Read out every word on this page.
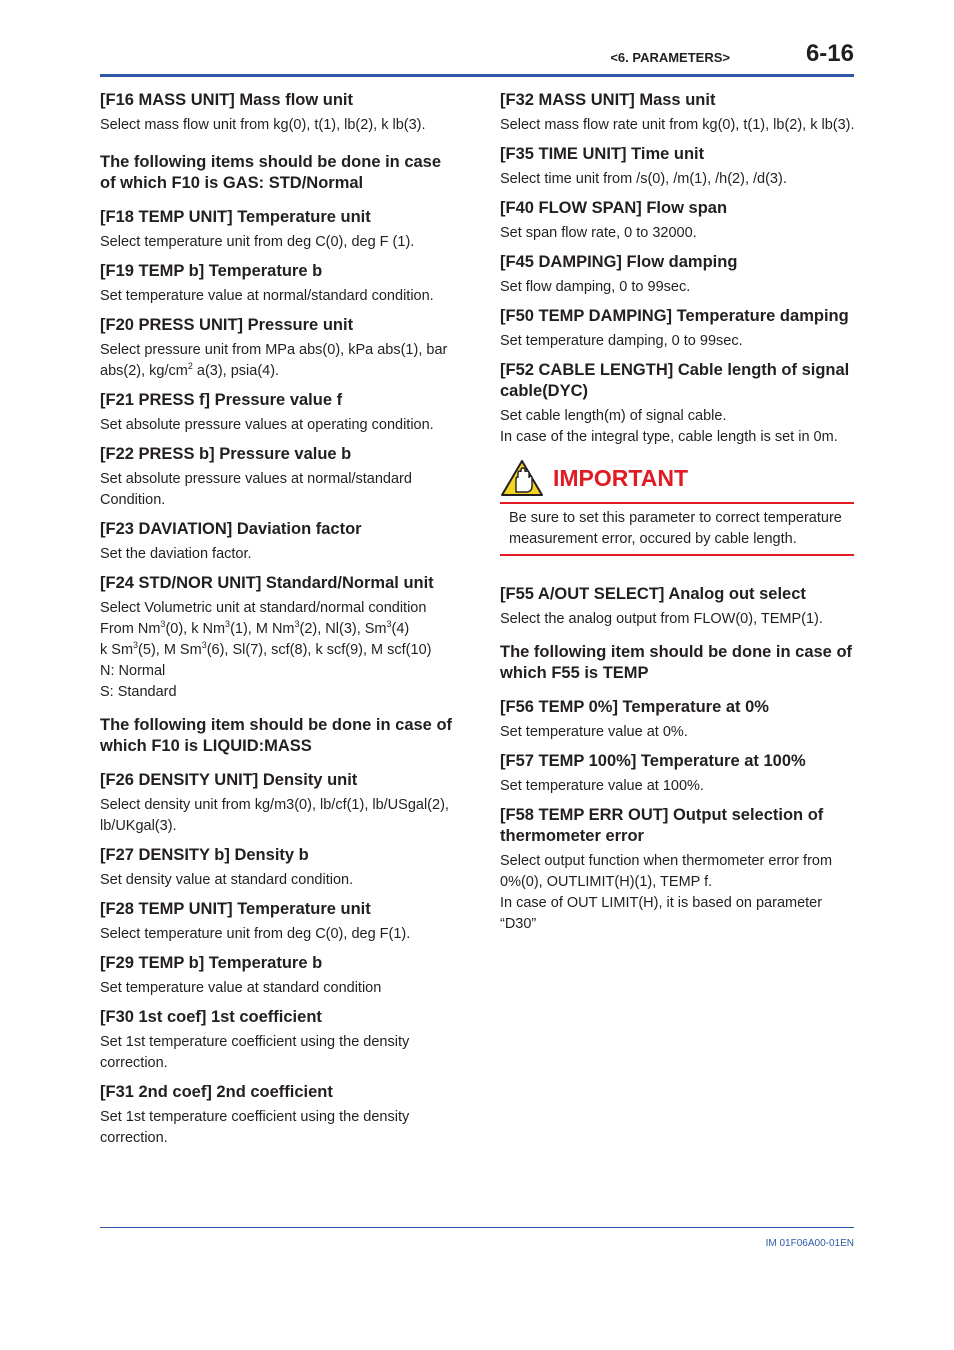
<6. PARAMETERS>	6-16

[F16 MASS UNIT] Mass flow unit

Select mass flow unit from kg(0), t(1), lb(2), k lb(3).

The following items should be done in case of which F10 is GAS: STD/Normal

[F18 TEMP UNIT] Temperature unit

Select temperature unit from deg C(0), deg F (1).

[F19 TEMP b] Temperature b

Set temperature value at normal/standard condition.

[F20 PRESS UNIT] Pressure unit

Select pressure unit from MPa abs(0), kPa abs(1), bar abs(2), $kg/cm^2$ a(3), psia(4).

[F21 PRESS f] Pressure value f

Set absolute pressure values at operating condition.

[F22 PRESS b] Pressure value b

Set absolute pressure values at normal/standard Condition.

[F23 DAVIATION] Daviation factor

Set the daviation factor.

[F24 STD/NOR UNIT] Standard/Normal unit

Select Volumetric unit at standard/normal condition
From Nm$^3$(0), k Nm$^3$(1), M Nm$^3$(2), Nl(3), Sm$^3$(4)
k Sm$^3$(5), M Sm$^3$(6), Sl(7), scf(8), k scf(9), M scf(10)
N: Normal
S: Standard

The following item should be done in case of which F10 is LIQUID:MASS

[F26 DENSITY UNIT] Density unit

Select density unit from kg/m3(0), lb/cf(1), lb/USgal(2), lb/UKgal(3).

[F27 DENSITY b] Density b

Set density value at standard condition.

[F28 TEMP UNIT] Temperature unit

Select temperature unit from deg C(0), deg F(1).

[F29 TEMP b] Temperature b

Set temperature value at standard condition

[F30 1st coef] 1st coefficient

Set 1st temperature coefficient using the density correction.

[F31 2nd coef] 2nd coefficient

Set 1st temperature coefficient using the density correction.

[F32 MASS UNIT] Mass unit

Select mass flow rate unit from kg(0), t(1), lb(2), k lb(3).

[F35 TIME UNIT] Time unit

Select time unit from /s(0), /m(1), /h(2), /d(3).

[F40 FLOW SPAN] Flow span

Set span flow rate, 0 to 32000.

[F45 DAMPING] Flow damping

Set flow damping, 0 to 99sec.

[F50 TEMP DAMPING] Temperature damping

Set temperature damping, 0 to 99sec.

[F52 CABLE LENGTH] Cable length of signal cable(DYC)

Set cable length(m) of signal cable.
In case of the integral type, cable length is set in 0m.

IMPORTANT
Be sure to set this parameter to correct temperature measurement error, occured by cable length.

[F55 A/OUT SELECT] Analog out select

Select the analog output from FLOW(0), TEMP(1).

The following item should be done in case of which F55 is TEMP

[F56 TEMP 0%] Temperature at 0%

Set temperature value at 0%.

[F57 TEMP 100%] Temperature at 100%

Set temperature value at 100%.

[F58 TEMP ERR OUT] Output selection of thermometer error

Select output function when thermometer error from 0%(0), OUTLIMIT(H)(1), TEMP f.
In case of OUT LIMIT(H), it is based on parameter “D30”

IM 01F06A00-01EN
